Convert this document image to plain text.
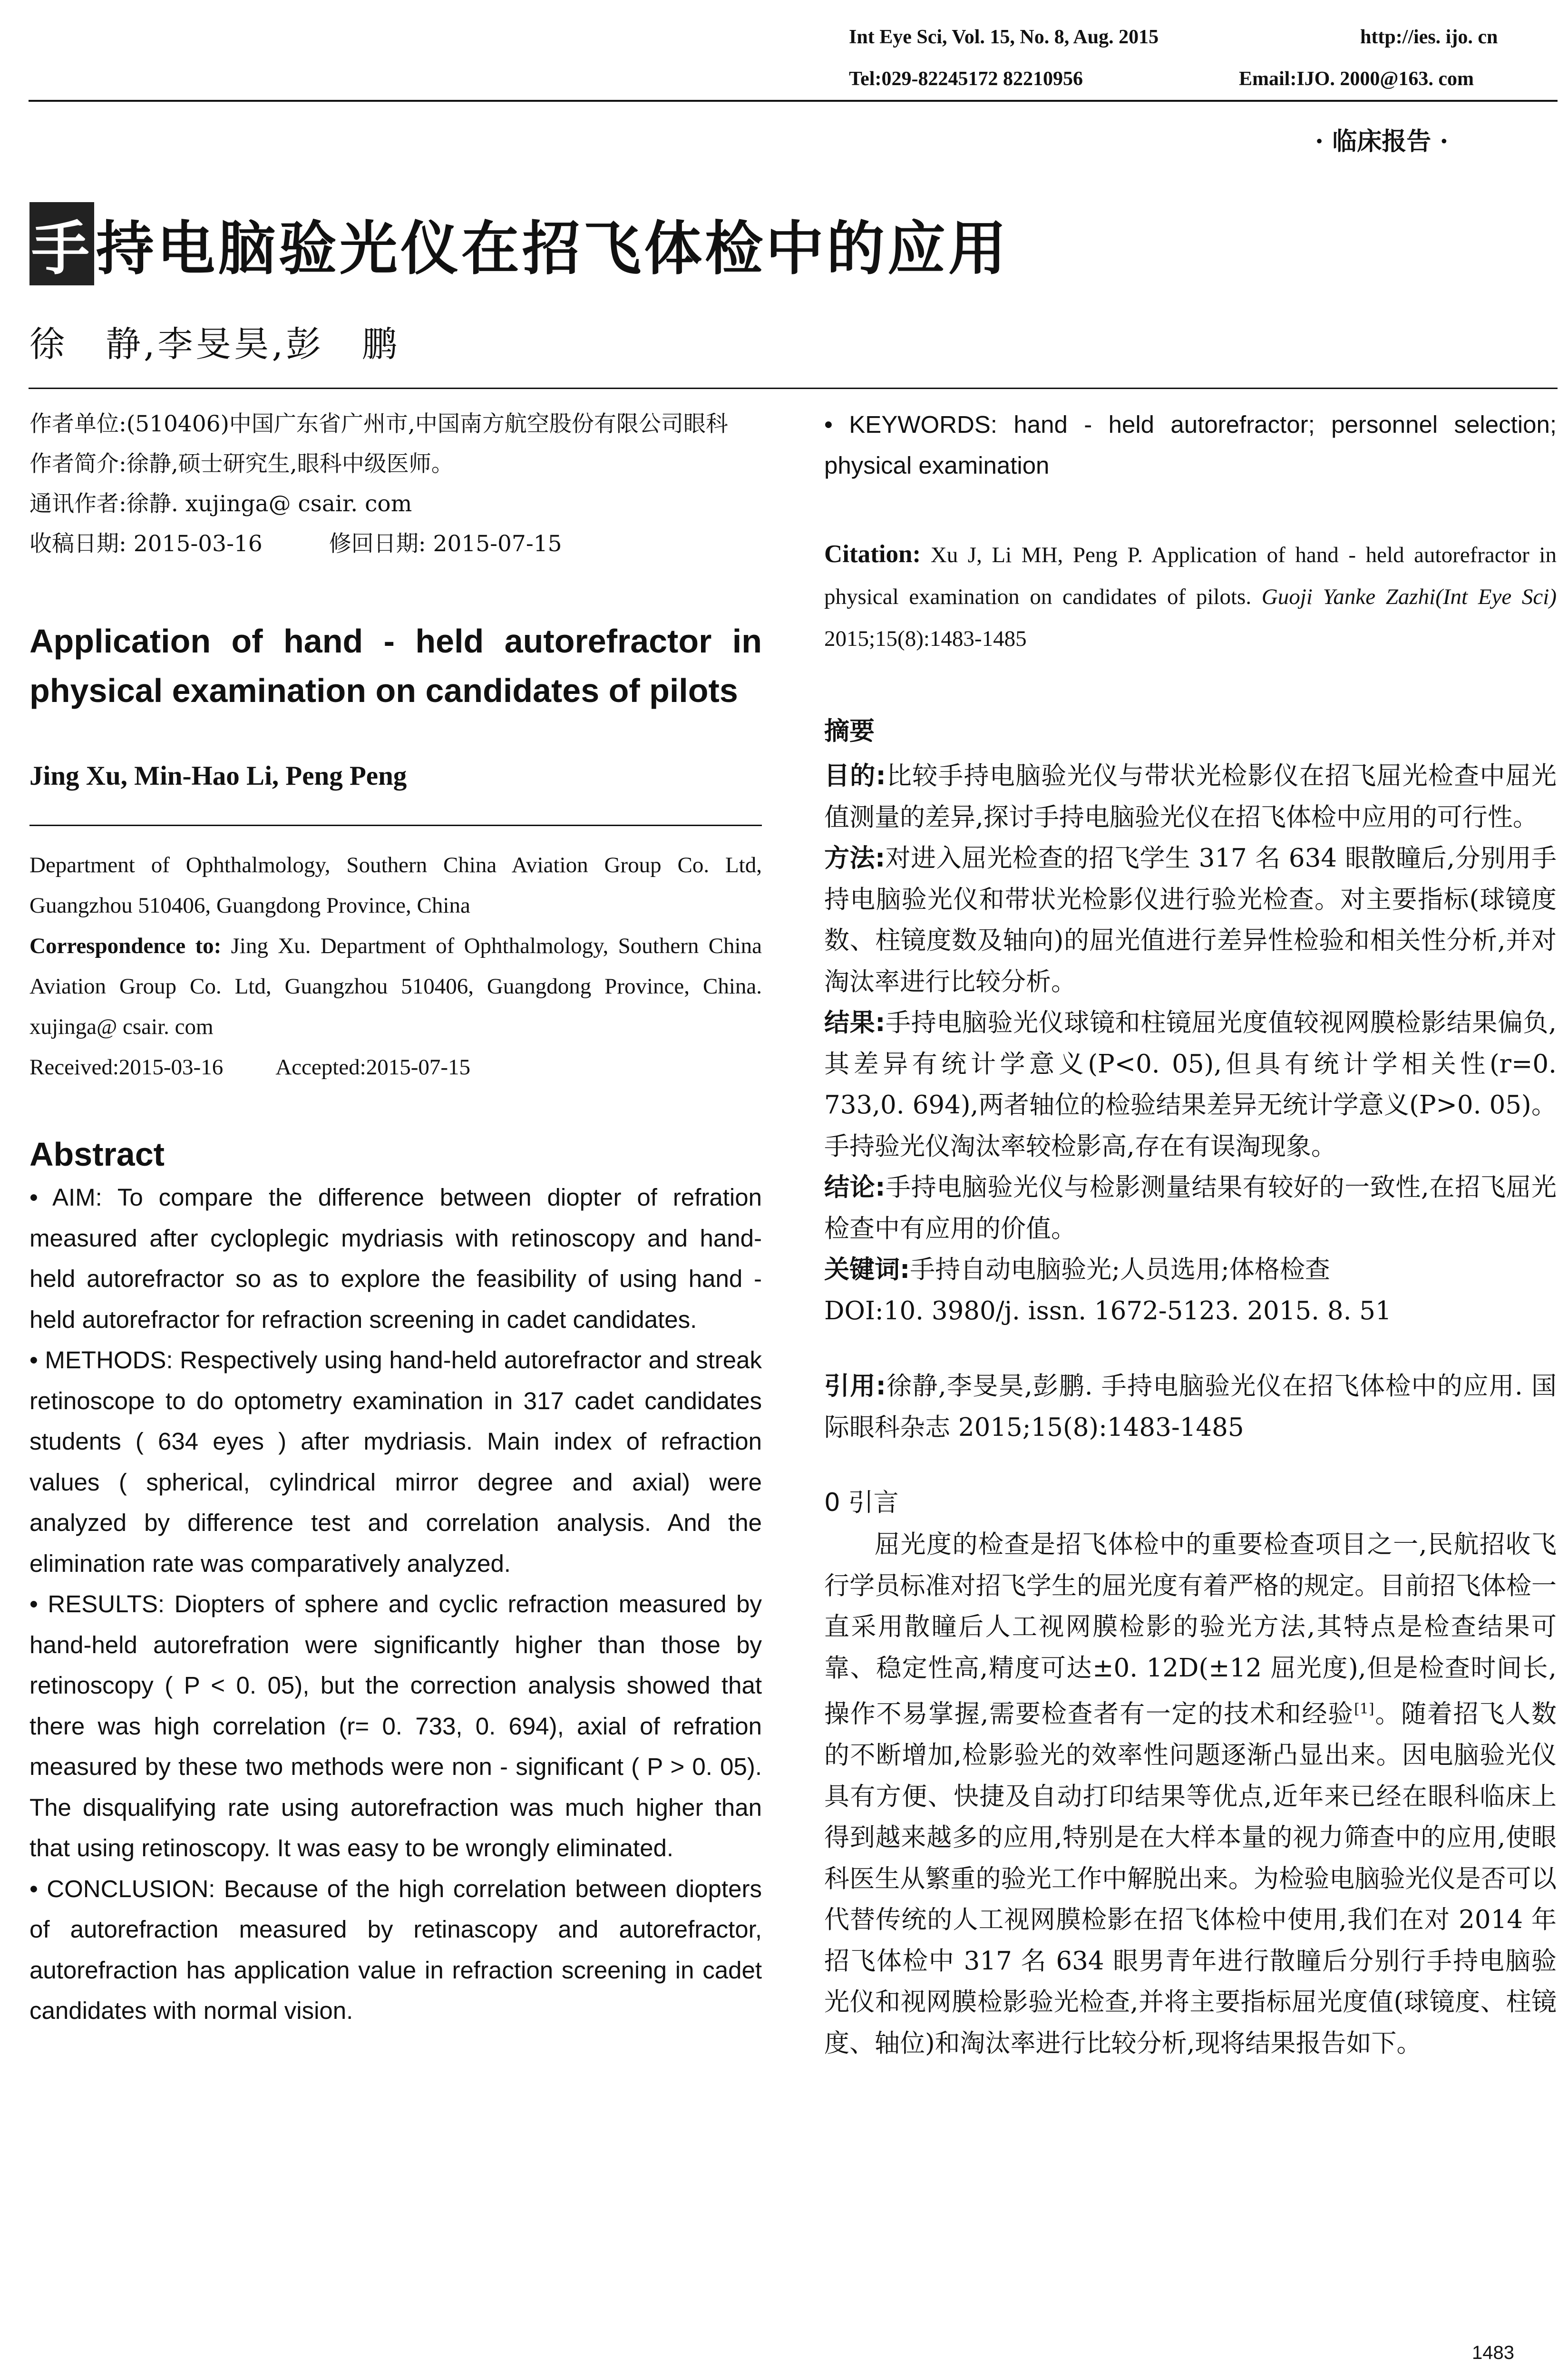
Int Eye Sci, Vol. 15, No. 8, Aug. 2015	http://ies. ijo. cn
Tel:029-82245172 82210956	Email:IJO. 2000@163. com
· 临床报告 ·
手持电脑验光仪在招飞体检中的应用
徐　静,李旻昊,彭　鹏
作者单位:(510406)中国广东省广州市,中国南方航空股份有限公司眼科
作者简介:徐静,硕士研究生,眼科中级医师。
通讯作者:徐静. xujinga@ csair. com
收稿日期: 2015-03-16	修回日期: 2015-07-15
Application of hand - held autorefractor in physical examination on candidates of pilots
Jing Xu, Min-Hao Li, Peng Peng
Department of Ophthalmology, Southern China Aviation Group Co. Ltd, Guangzhou 510406, Guangdong Province, China
Correspondence to: Jing Xu. Department of Ophthalmology, Southern China Aviation Group Co. Ltd, Guangzhou 510406, Guangdong Province, China. xujinga@ csair. com
Received:2015-03-16 Accepted:2015-07-15
Abstract
• AIM: To compare the difference between diopter of refration measured after cycloplegic mydriasis with retinoscopy and hand-held autorefractor so as to explore the feasibility of using hand - held autorefractor for refraction screening in cadet candidates.
• METHODS: Respectively using hand-held autorefractor and streak retinoscope to do optometry examination in 317 cadet candidates students ( 634 eyes ) after mydriasis. Main index of refraction values ( spherical, cylindrical mirror degree and axial) were analyzed by difference test and correlation analysis. And the elimination rate was comparatively analyzed.
• RESULTS: Diopters of sphere and cyclic refraction measured by hand-held autorefration were significantly higher than those by retinoscopy ( P < 0. 05), but the correction analysis showed that there was high correlation (r= 0. 733, 0. 694), axial of refration measured by these two methods were non - significant ( P > 0. 05). The disqualifying rate using autorefraction was much higher than that using retinoscopy. It was easy to be wrongly eliminated.
• CONCLUSION: Because of the high correlation between diopters of autorefraction measured by retinascopy and autorefractor, autorefraction has application value in refraction screening in cadet candidates with normal vision.
• KEYWORDS: hand - held autorefractor; personnel selection; physical examination
Citation: Xu J, Li MH, Peng P. Application of hand - held autorefractor in physical examination on candidates of pilots. Guoji Yanke Zazhi(Int Eye Sci) 2015;15(8):1483-1485
摘要
目的:比较手持电脑验光仪与带状光检影仪在招飞屈光检查中屈光值测量的差异,探讨手持电脑验光仪在招飞体检中应用的可行性。
方法:对进入屈光检查的招飞学生 317 名 634 眼散瞳后,分别用手持电脑验光仪和带状光检影仪进行验光检查。对主要指标(球镜度数、柱镜度数及轴向)的屈光值进行差异性检验和相关性分析,并对淘汰率进行比较分析。
结果:手持电脑验光仪球镜和柱镜屈光度值较视网膜检影结果偏负,其差异有统计学意义(P<0. 05),但具有统计学相关性(r=0. 733,0. 694),两者轴位的检验结果差异无统计学意义(P>0. 05)。手持验光仪淘汰率较检影高,存在有误淘现象。
结论:手持电脑验光仪与检影测量结果有较好的一致性,在招飞屈光检查中有应用的价值。
关键词:手持自动电脑验光;人员选用;体格检查
DOI:10. 3980/j. issn. 1672-5123. 2015. 8. 51
引用:徐静,李旻昊,彭鹏. 手持电脑验光仪在招飞体检中的应用. 国际眼科杂志 2015;15(8):1483-1485
0 引言
屈光度的检查是招飞体检中的重要检查项目之一,民航招收飞行学员标准对招飞学生的屈光度有着严格的规定。目前招飞体检一直采用散瞳后人工视网膜检影的验光方法,其特点是检查结果可靠、稳定性高,精度可达±0. 12D(±12 屈光度),但是检查时间长,操作不易掌握,需要检查者有一定的技术和经验[1]。随着招飞人数的不断增加,检影验光的效率性问题逐渐凸显出来。因电脑验光仪具有方便、快捷及自动打印结果等优点,近年来已经在眼科临床上得到越来越多的应用,特别是在大样本量的视力筛查中的应用,使眼科医生从繁重的验光工作中解脱出来。为检验电脑验光仪是否可以代替传统的人工视网膜检影在招飞体检中使用,我们在对 2014 年招飞体检中 317 名 634 眼男青年进行散瞳后分别行手持电脑验光仪和视网膜检影验光检查,并将主要指标屈光度值(球镜度、柱镜度、轴位)和淘汰率进行比较分析,现将结果报告如下。
1483
